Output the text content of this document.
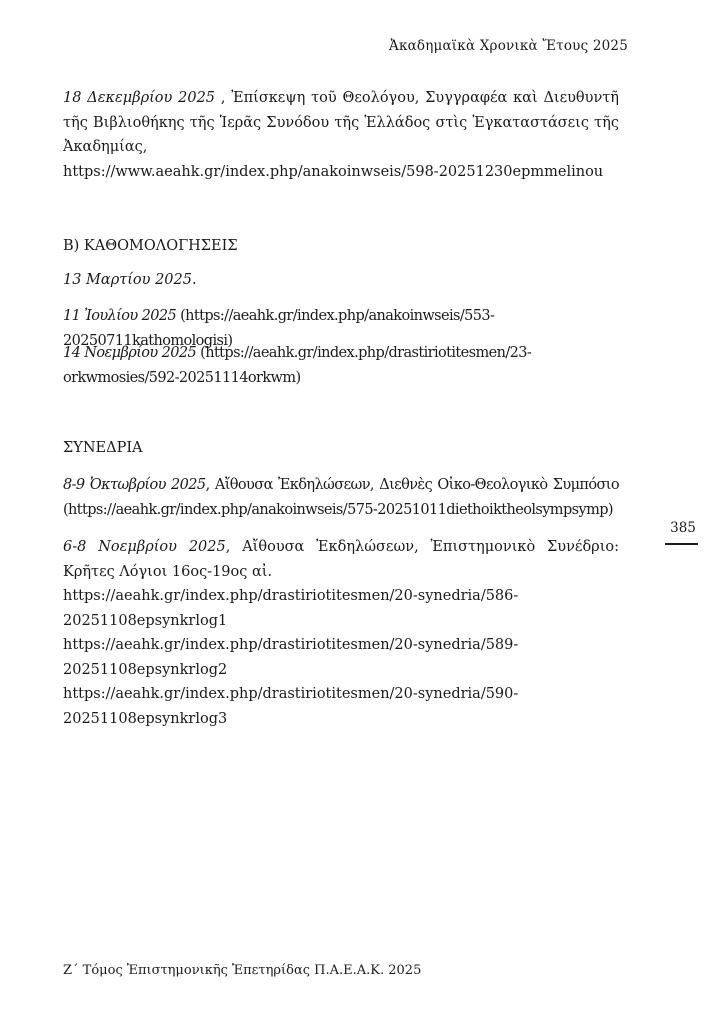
Ἀκαδημαϊκὰ Χρονικὰ Ἔτους 2025

18 Δεκεμβρίου 2025 , Ἐπίσκεψη τοῦ Θεολόγου, Συγγραφέα καὶ Διευθυντῆ τῆς Βιβλιοθήκης τῆς Ἱερᾶς Συνόδου τῆς Ἑλλάδος στὶς Ἐγκαταστάσεις τῆς Ἀκαδημίας,

https://www.aeahk.gr/index.php/anakoinwseis/598-20251230epmmelinou

Β) ΚΑΘΟΜΟΛΟΓΗΣΕΙΣ
13 Μαρτίου 2025.
11 Ἰουλίου 2025 (https://aeahk.gr/index.php/anakoinwseis/553-20250711kathomologisi)
14 Νοεμβρίου 2025 (https://aeahk.gr/index.php/drastiriotitesmen/23-orkwmosies/592-20251114orkwm)
ΣΥΝΕΔΡΙΑ
8-9 Ὀκτωβρίου 2025, Αἴθουσα Ἐκδηλώσεων, Διεθνὲς Οἰκο-Θεολογικὸ Συμπόσιο (https://aeahk.gr/index.php/anakoinwseis/575-20251011diethoiktheolsympsymp)

6-8 Νοεμβρίου 2025, Αἴθουσα Ἐκδηλώσεων, Ἐπιστημονικὸ Συνέδριο: Κρῆτες Λόγιοι 16ος-19ος αἰ.

https://aeahk.gr/index.php/drastiriotitesmen/20-synedria/586-
20251108epsynkrlog1

https://aeahk.gr/index.php/drastiriotitesmen/20-synedria/589-
20251108epsynkrlog2

https://aeahk.gr/index.php/drastiriotitesmen/20-synedria/590-
20251108epsynkrlog3

385
Ζ΄ Τόμος Ἐπιστημονικῆς Ἐπετηρίδας Π.Α.Ε.Α.Κ. 2025
